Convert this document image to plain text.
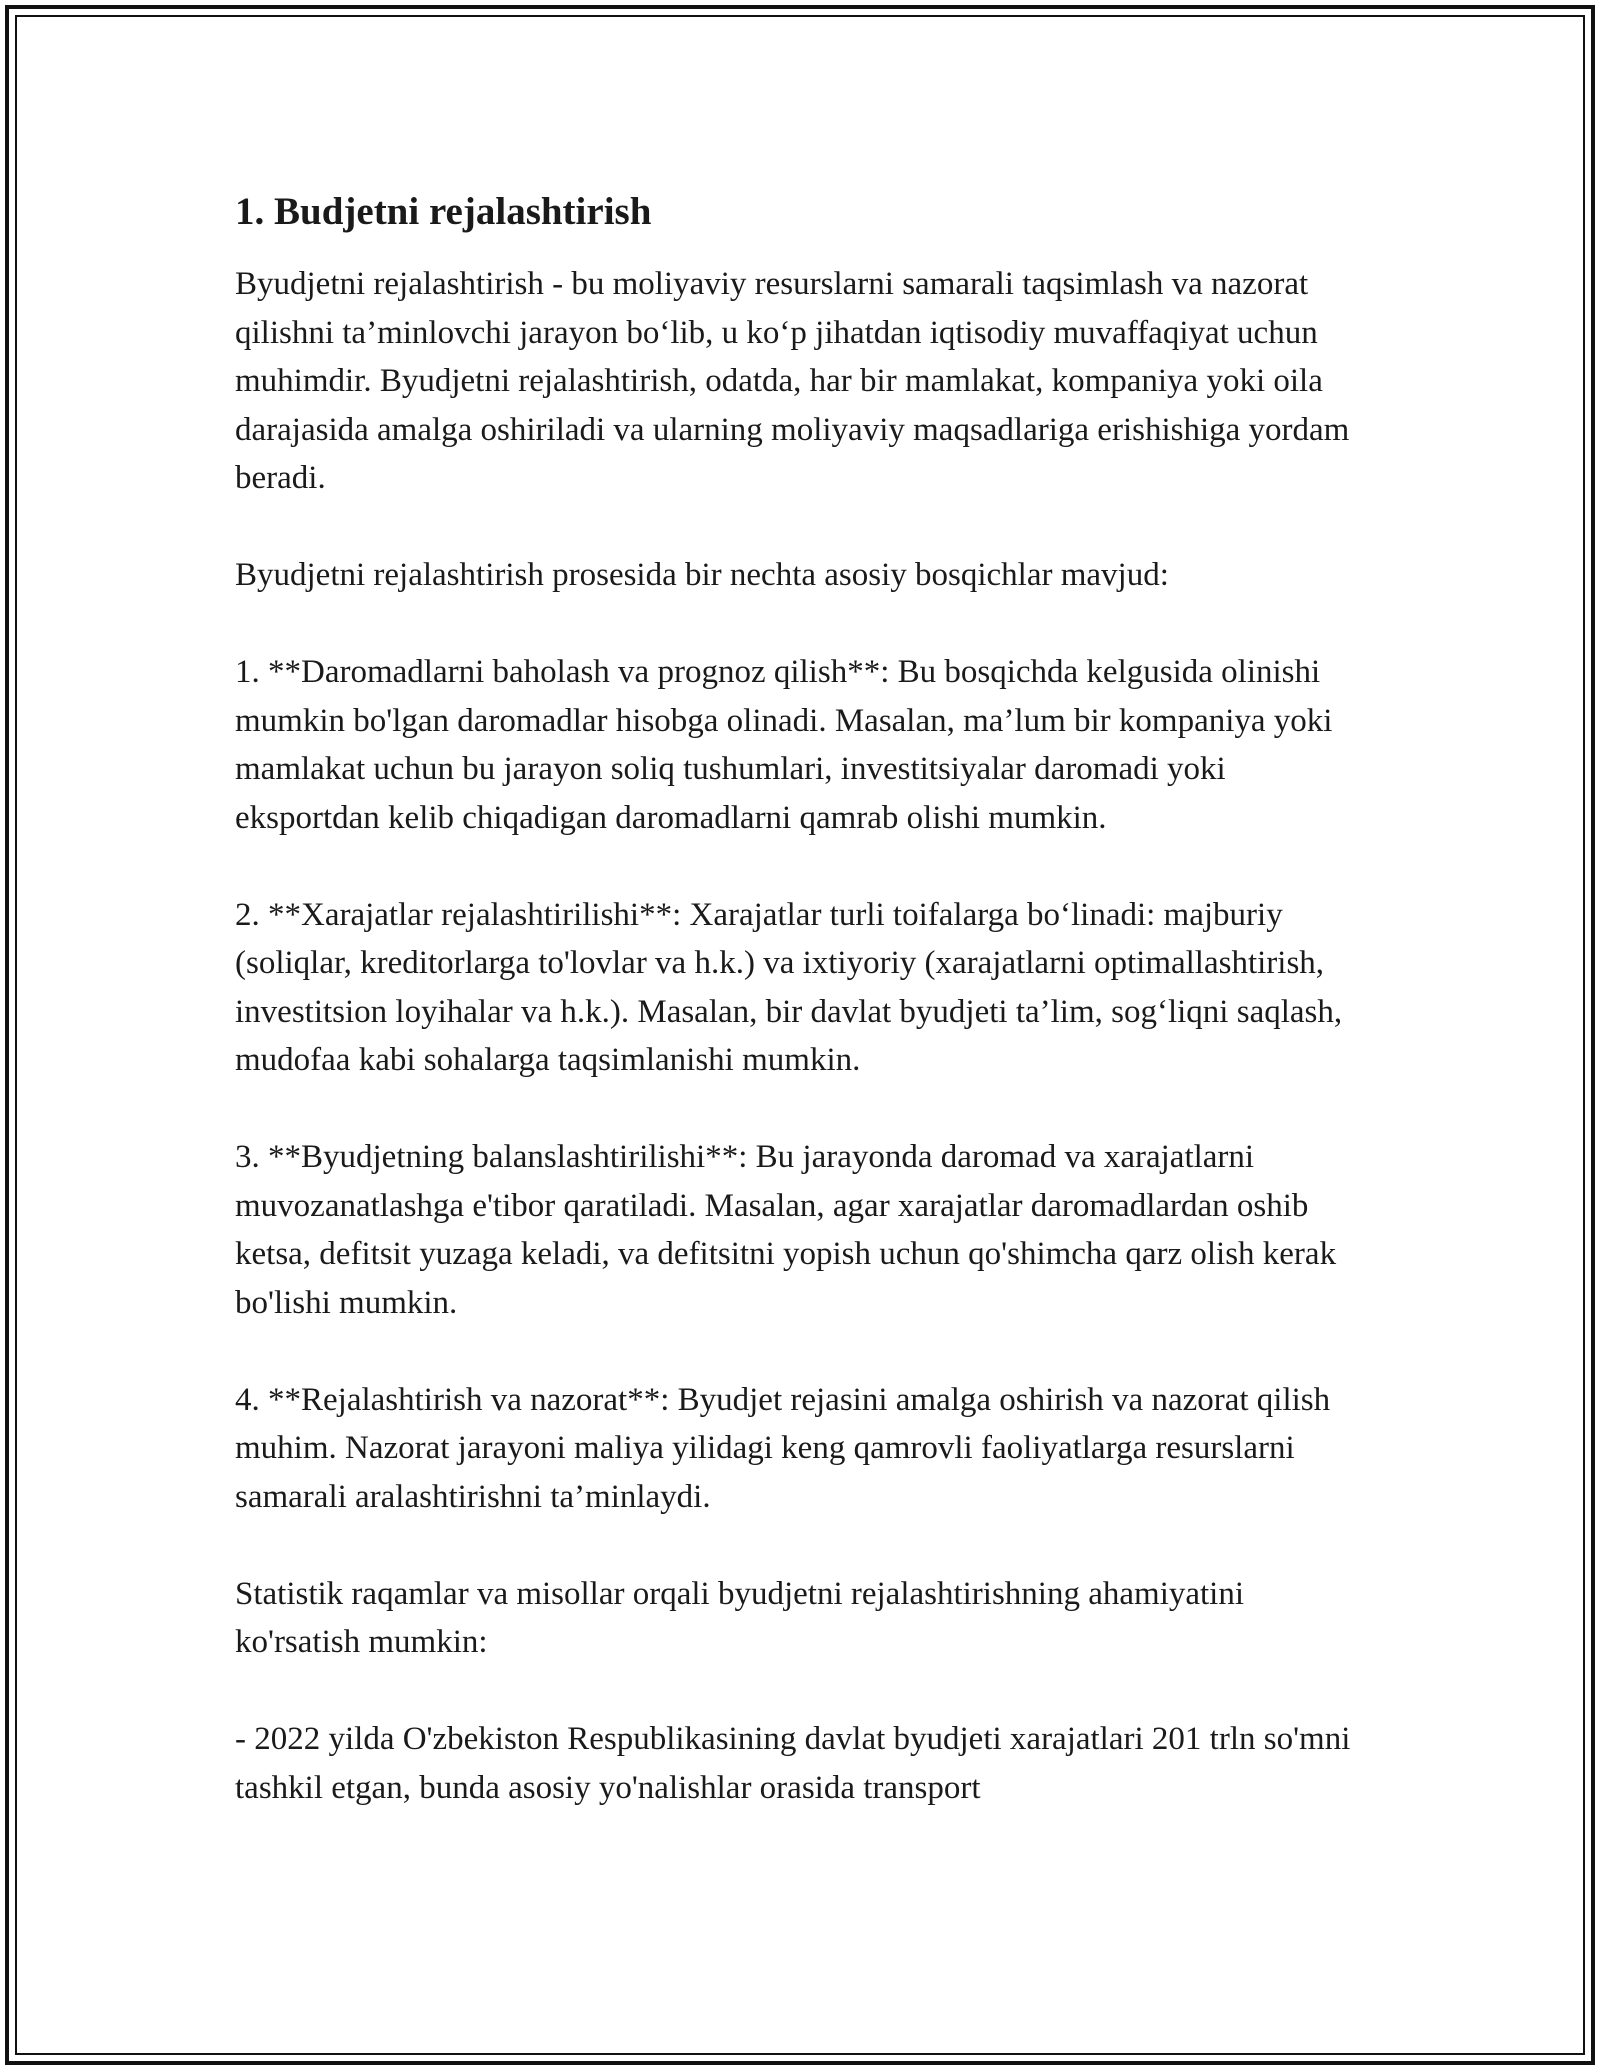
1. Budjetni rejalashtirish

Byudjetni rejalashtirish - bu moliyaviy resurslarni samarali taqsimlash va nazorat qilishni ta’minlovchi jarayon bo‘lib, u ko‘p jihatdan iqtisodiy muvaffaqiyat uchun muhimdir. Byudjetni rejalashtirish, odatda, har bir mamlakat, kompaniya yoki oila darajasida amalga oshiriladi va ularning moliyaviy maqsadlariga erishishiga yordam beradi.

Byudjetni rejalashtirish prosesida bir nechta asosiy bosqichlar mavjud:

1. **Daromadlarni baholash va prognoz qilish**: Bu bosqichda kelgusida olinishi mumkin bo'lgan daromadlar hisobga olinadi. Masalan, ma’lum bir kompaniya yoki mamlakat uchun bu jarayon soliq tushumlari, investitsiyalar daromadi yoki eksportdan kelib chiqadigan daromadlarni qamrab olishi mumkin.

2. **Xarajatlar rejalashtirilishi**: Xarajatlar turli toifalarga bo‘linadi: majburiy (soliqlar, kreditorlarga to'lovlar va h.k.) va ixtiyoriy (xarajatlarni optimallashtirish, investitsion loyihalar va h.k.). Masalan, bir davlat byudjeti ta’lim, sog‘liqni saqlash, mudofaa kabi sohalarga taqsimlanishi mumkin.

3. **Byudjetning balanslashtirilishi**: Bu jarayonda daromad va xarajatlarni muvozanatlashga e'tibor qaratiladi. Masalan, agar xarajatlar daromadlardan oshib ketsa, defitsit yuzaga keladi, va defitsitni yopish uchun qo'shimcha qarz olish kerak bo'lishi mumkin.

4. **Rejalashtirish va nazorat**: Byudjet rejasini amalga oshirish va nazorat qilish muhim. Nazorat jarayoni maliya yilidagi keng qamrovli faoliyatlarga resurslarni samarali aralashtirishni ta’minlaydi.

Statistik raqamlar va misollar orqali byudjetni rejalashtirishning ahamiyatini ko'rsatish mumkin:

- 2022 yilda O'zbekiston Respublikasining davlat byudjeti xarajatlari 201 trln so'mni tashkil etgan, bunda asosiy yo'nalishlar orasida transport
